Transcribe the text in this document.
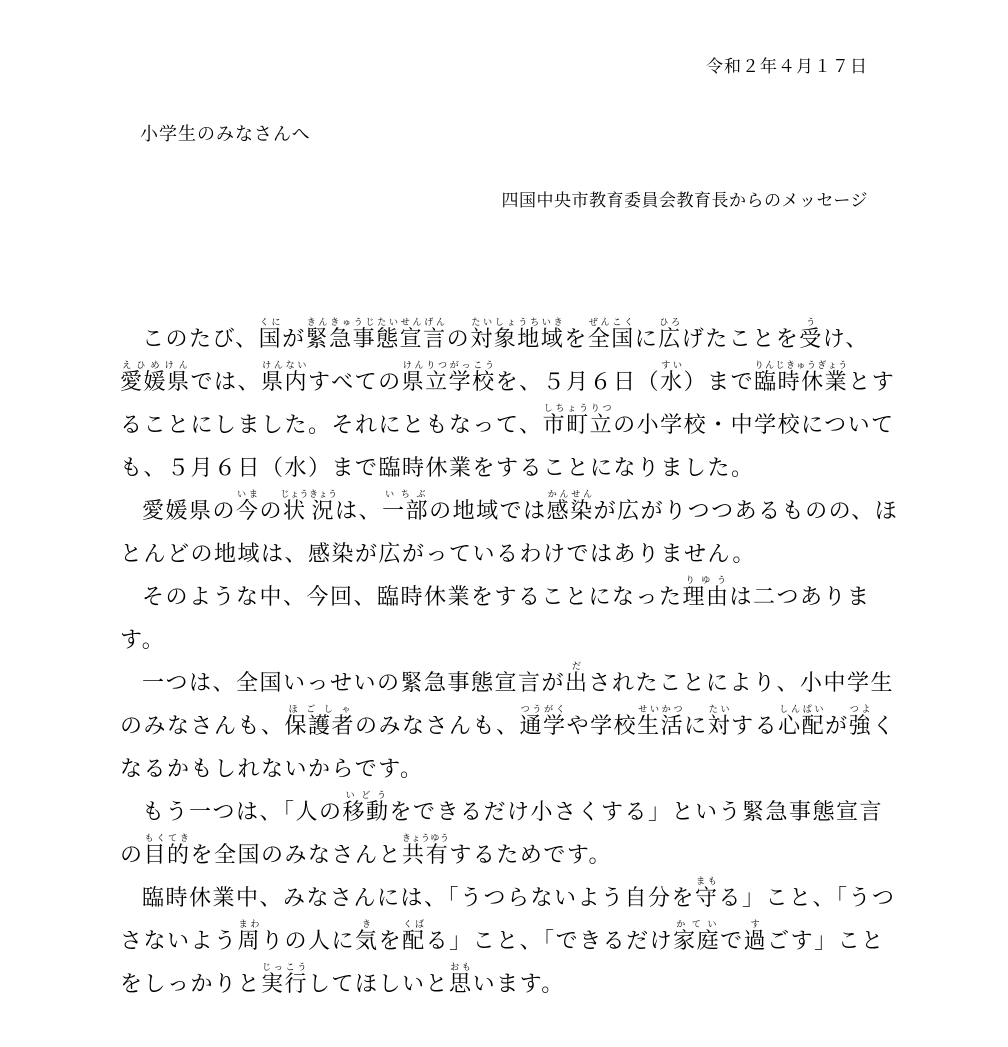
令和２年４月１７日
小学生のみなさんへ
四国中央市教育委員会教育長からのメッセージ

このたび、国くにが緊急事態宣言きんきゅうじたいせんげんの対象地域たいしょうちいきを全国ぜんこくに広ひろげたことを受うけ、愛媛県えひめけんでは、県内けんないすべての県立学校けんりつがっこうを、５月６日（水すい）まで臨時休業りんじきゅうぎょうとすることにしました。それにともなって、市町立しちょうりつの小学校・中学校についても、５月６日（水）まで臨時休業をすることになりました。

愛媛県の今いまの状況じょうきょうは、一部いちぶの地域では感染かんせんが広がりつつあるものの、ほとんどの地域は、感染が広がっているわけではありません。

そのような中、今回、臨時休業をすることになった理由りゆうは二つあります。

一つは、全国いっせいの緊急事態宣言が出だされたことにより、小中学生のみなさんも、保護者ほごしゃのみなさんも、通学つうがくや学校生活せいかつに対たいする心配しんぱいが強つよくなるかもしれないからです。

もう一つは、「人の移動いどうをできるだけ小さくする」という緊急事態宣言の目的もくてきを全国のみなさんと共有きょうゆうするためです。

臨時休業中、みなさんには、「うつらないよう自分を守まもる」こと、「うつさないよう周まわりの人に気きを配くばる」こと、「できるだけ家庭かていで過すごす」ことをしっかりと実行じっこうしてほしいと思おもいます。
